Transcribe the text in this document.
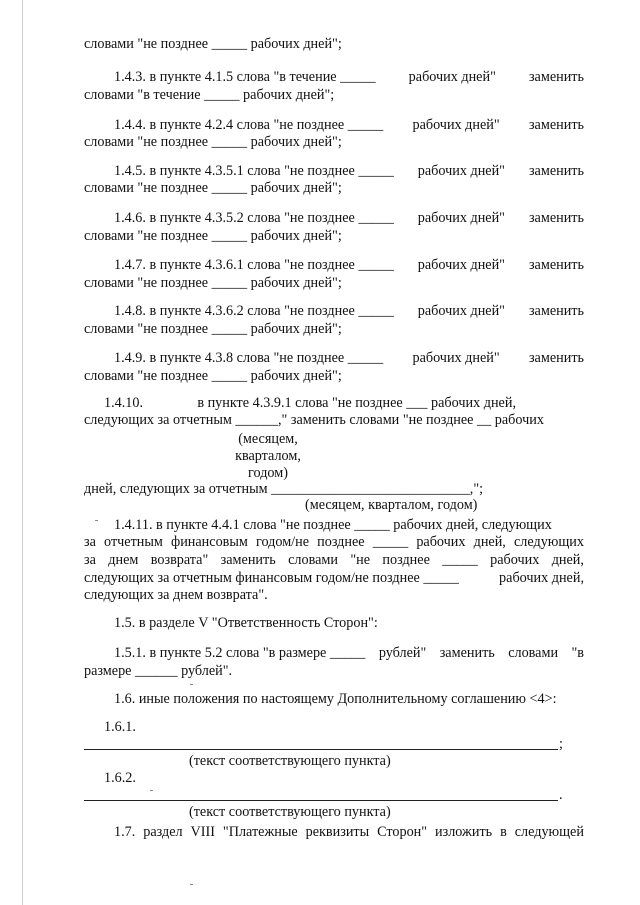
словами "не позднее _____ рабочих дней";
1.4.3. в пункте 4.1.5 слова "в течение _____ рабочих дней" заменить
словами "в течение _____ рабочих дней";
1.4.4. в пункте 4.2.4 слова "не позднее _____ рабочих дней" заменить
словами "не позднее _____ рабочих дней";
1.4.5. в пункте 4.3.5.1 слова "не позднее _____ рабочих дней" заменить
словами "не позднее _____ рабочих дней";
1.4.6. в пункте 4.3.5.2 слова "не позднее _____ рабочих дней" заменить
словами "не позднее _____ рабочих дней";
1.4.7. в пункте 4.3.6.1 слова "не позднее _____ рабочих дней" заменить
словами "не позднее _____ рабочих дней";
1.4.8. в пункте 4.3.6.2 слова "не позднее _____ рабочих дней" заменить
словами "не позднее _____ рабочих дней";
1.4.9. в пункте 4.3.8 слова "не позднее _____ рабочих дней" заменить
словами "не позднее _____ рабочих дней";
1.4.10.	в пункте 4.3.9.1 слова "не позднее ___ рабочих дней,
следующих за отчетным ______," заменить словами "не позднее __ рабочих
(месяцем,
кварталом,
годом)
дней, следующих за отчетным ____________________________,";
(месяцем, кварталом, годом)
1.4.11. в пункте 4.4.1 слова "не позднее _____ рабочих дней, следующих
за отчетным финансовым годом/не позднее _____ рабочих дней, следующих
за днем возврата" заменить словами "не позднее _____ рабочих дней,
следующих за отчетным финансовым годом/не позднее _____	рабочих дней,
следующих за днем возврата".
1.5. в разделе V "Ответственность Сторон":
1.5.1. в пункте 5.2 слова "в размере _____ рублей" заменить словами "в
размере ______ рублей".
1.6. иные положения по настоящему Дополнительному соглашению <4>:
1.6.1.
;
(текст соответствующего пункта)
1.6.2.
.
(текст соответствующего пункта)
1.7. раздел VIII "Платежные реквизиты Сторон" изложить в следующей
